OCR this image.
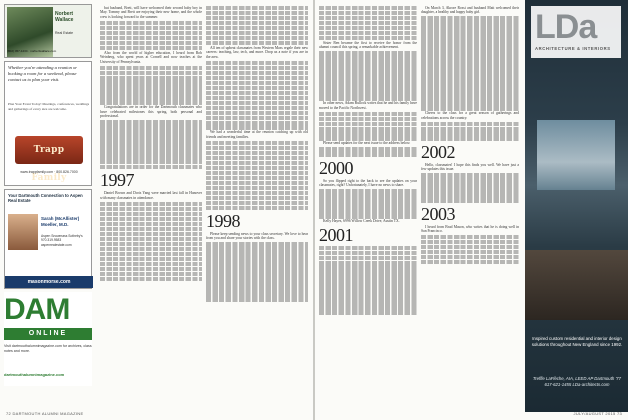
Norbert Wallace
Real Estate
(802) 457-1234 · norbertwallace.com
Whether you're attending a reunion or booking a room for a weekend, please contact us to plan your visit.
Plan Your Event Today! Meetings, conferences, weddings and gatherings of every size are welcome.
Trapp Family
www.trappfamily.com · 800.826.7000
Your Dartmouth Connection to Aspen Real Estate
Sarah (McAllister) Moeller, M.D.
Aspen Snowmass Sotheby's 970.319.9583 aspenrealestate.com
masonmorse.com
DAM
ONLINE
Visit dartmouthalumnimagazine.com for archives, class notes and more.
dartmouthalumnimagazine.com

but husband, Brett, will have welcomed their second baby boy in May. Tommy and Brett are enjoying their new home, and the whole crew is looking forward to the summer.

Also from the world of higher education, I heard from Rob Weinberg, who spent years at Cornell and now teaches at the University of Pennsylvania.

Congratulations are in order for the Dartmouth classmates who have celebrated milestones this spring, both personal and professional.

1997

Daniel Brown and Doris Yang were married last fall in Hanover with many classmates in attendance.

All ten of upbeat classmates from Western Mass regale their new careers: teaching, law, tech, and more. Drop us a note if you are in the area.

We had a wonderful time at the reunion catching up with old friends and meeting families.

1998

Please keep sending news to your class secretary. We love to hear from you and share your stories with the class.

72 DARTMOUTH ALUMNI MAGAZINE

Sister Ben became the first to receive the honor from the alumni council this spring, a remarkable achievement.

In other news, Adam Bullock writes that he and his family have moved to the Pacific Northwest.

Please send updates for the next issue to the address below.

2000

So you flipped right to the back to see the updates on your classmates, right? Unfortunately, I have no news to share.

Kelly Hayes, 6996 Willow Creek Drive, Austin TX.

2001

On March 3, Akrore Rossi and husband Matt welcomed their daughter, a healthy and happy baby girl.

Cheers to the class for a great season of gatherings and celebrations across the country.

2002

Hello, classmates! I hope this finds you well. We have just a few updates this issue.

2003

I heard from Brad Mason, who writes that he is doing well in San Francisco.

LDa
ARCHITECTURE & INTERIORS
Inspired custom residential and interior design solutions throughout New England since 1992.
Treffle LaFlèche, AIA, LEED AP Dartmouth '77 617-621-1455 LDa-architects.com
JULY/AUGUST 2015 73
